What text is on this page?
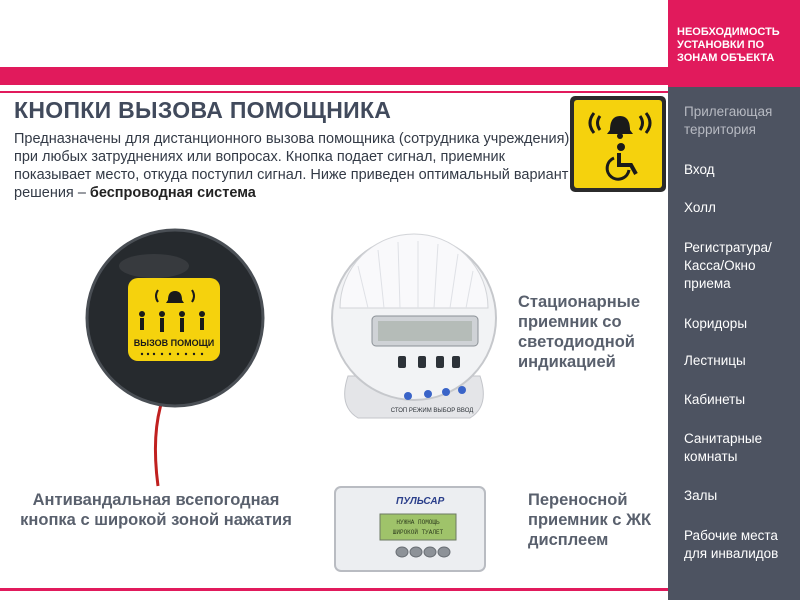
КНОПКИ ВЫЗОВА ПОМОЩНИКА
Предназначены для дистанционного вызова помощника (сотрудника учреждения) при любых затруднениях или вопросах. Кнопка подает сигнал, приемник показывает место, откуда поступил сигнал. Ниже приведен оптимальный вариант решения – беспроводная система
ВЫЗОВ ПОМОЩИ
СТОП РЕЖИМ ВЫБОР ВВОД
ПУЛЬСАР
НУЖНА ПОМОЩЬ
ШИРОКОЙ ТУАЛЕТ
Стационарные приемник со светодиодной индикацией
Антивандальная всепогодная кнопка с широкой зоной нажатия
Переносной приемник с ЖК дисплеем
НЕОБХОДИМОСТЬ УСТАНОВКИ ПО ЗОНАМ ОБЪЕКТА
Прилегающая территория
Вход
Холл
Регистратура/ Касса/Окно приема
Коридоры
Лестницы
Кабинеты
Санитарные комнаты
Залы
Рабочие места для инвалидов
